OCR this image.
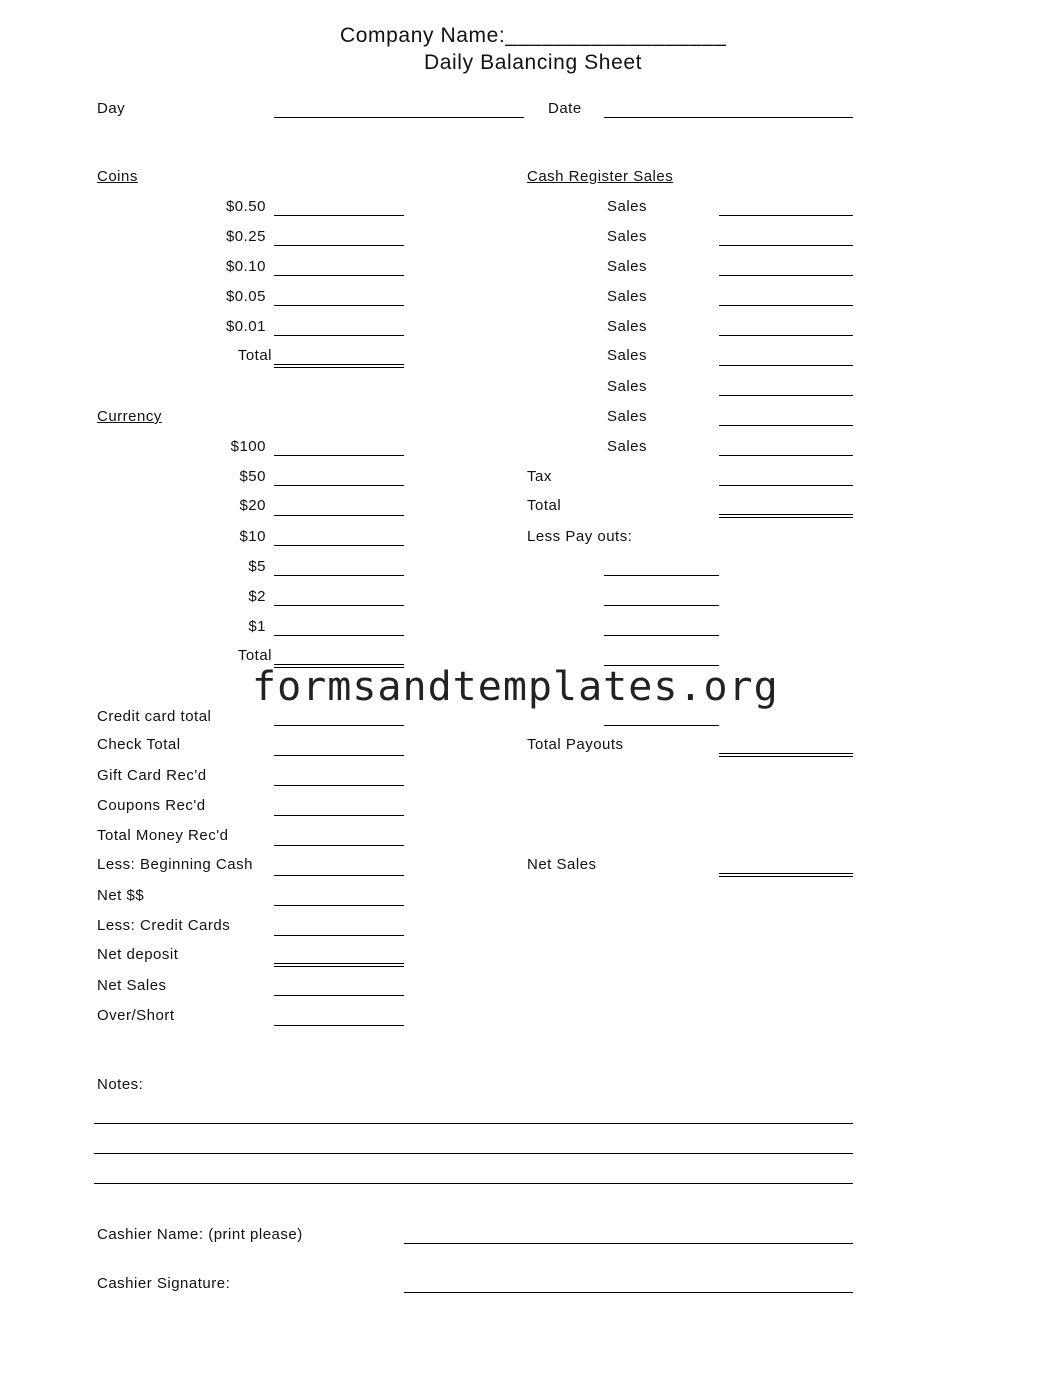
Company Name:__________________
Daily Balancing Sheet
Day	Date
Coins
$0.50
$0.25
$0.10
$0.05
$0.01
Total
Currency
$100
$50
$20
$10
$5
$2
$1
Total
Cash Register Sales
Sales
Sales
Sales
Sales
Sales
Sales
Sales
Sales
Sales
Tax
Total
Less Pay outs:
Total Payouts
Net Sales
Credit card total
Check Total
Gift Card Rec'd
Coupons Rec'd
Total Money Rec'd
Less: Beginning Cash
Net $$
Less: Credit Cards
Net deposit
Net Sales
Over/Short
Notes:
Cashier Name: (print please)
Cashier Signature:
formsandtemplates.org
